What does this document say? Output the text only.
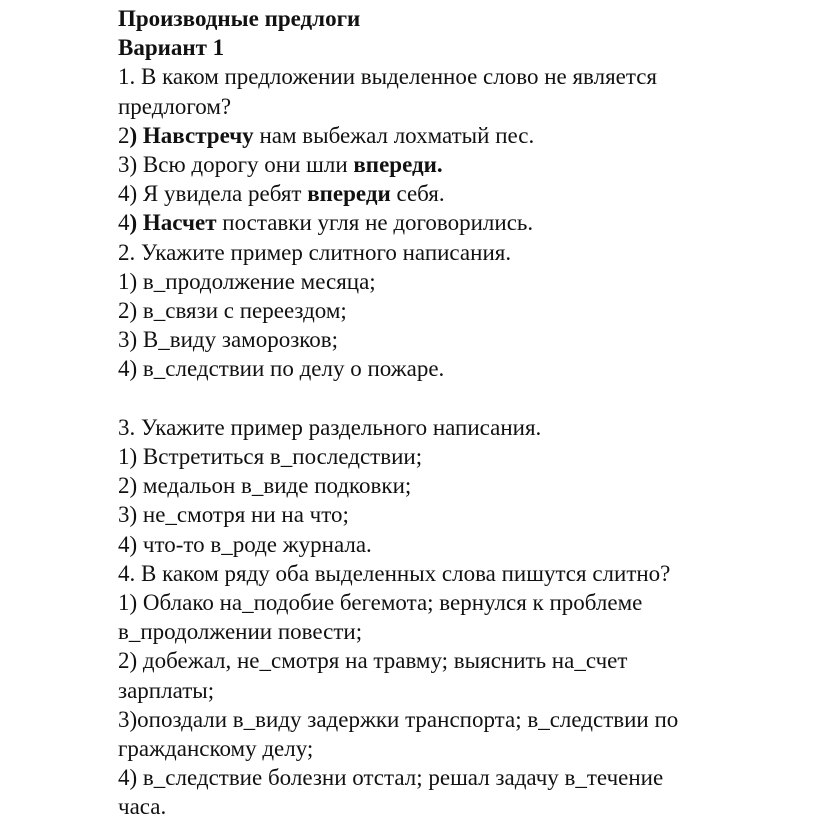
Производные предлоги
Вариант 1
1. В каком предложении выделенное слово не является
предлогом?
2) Навстречу нам выбежал лохматый пес.
3) Всю дорогу они шли впереди.
4) Я увидела ребят впереди себя.
4) Насчет поставки угля не договорились.
2. Укажите пример слитного написания.
1) в_продолжение месяца;
2) в_связи с переездом;
3) В_виду заморозков;
4) в_следствии по делу о пожаре.
3. Укажите пример раздельного написания.
1) Встретиться в_последствии;
2) медальон в_виде подковки;
3) не_смотря ни на что;
4) что-то в_роде журнала.
4. В каком ряду оба выделенных слова пишутся слитно?
1) Облако на_подобие бегемота; вернулся к проблеме
в_продолжении повести;
2) добежал, не_смотря на травму; выяснить на_счет
зарплаты;
3)опоздали в_виду задержки транспорта; в_следствии по
гражданскому делу;
4) в_следствие болезни отстал; решал задачу в_течение
часа.
